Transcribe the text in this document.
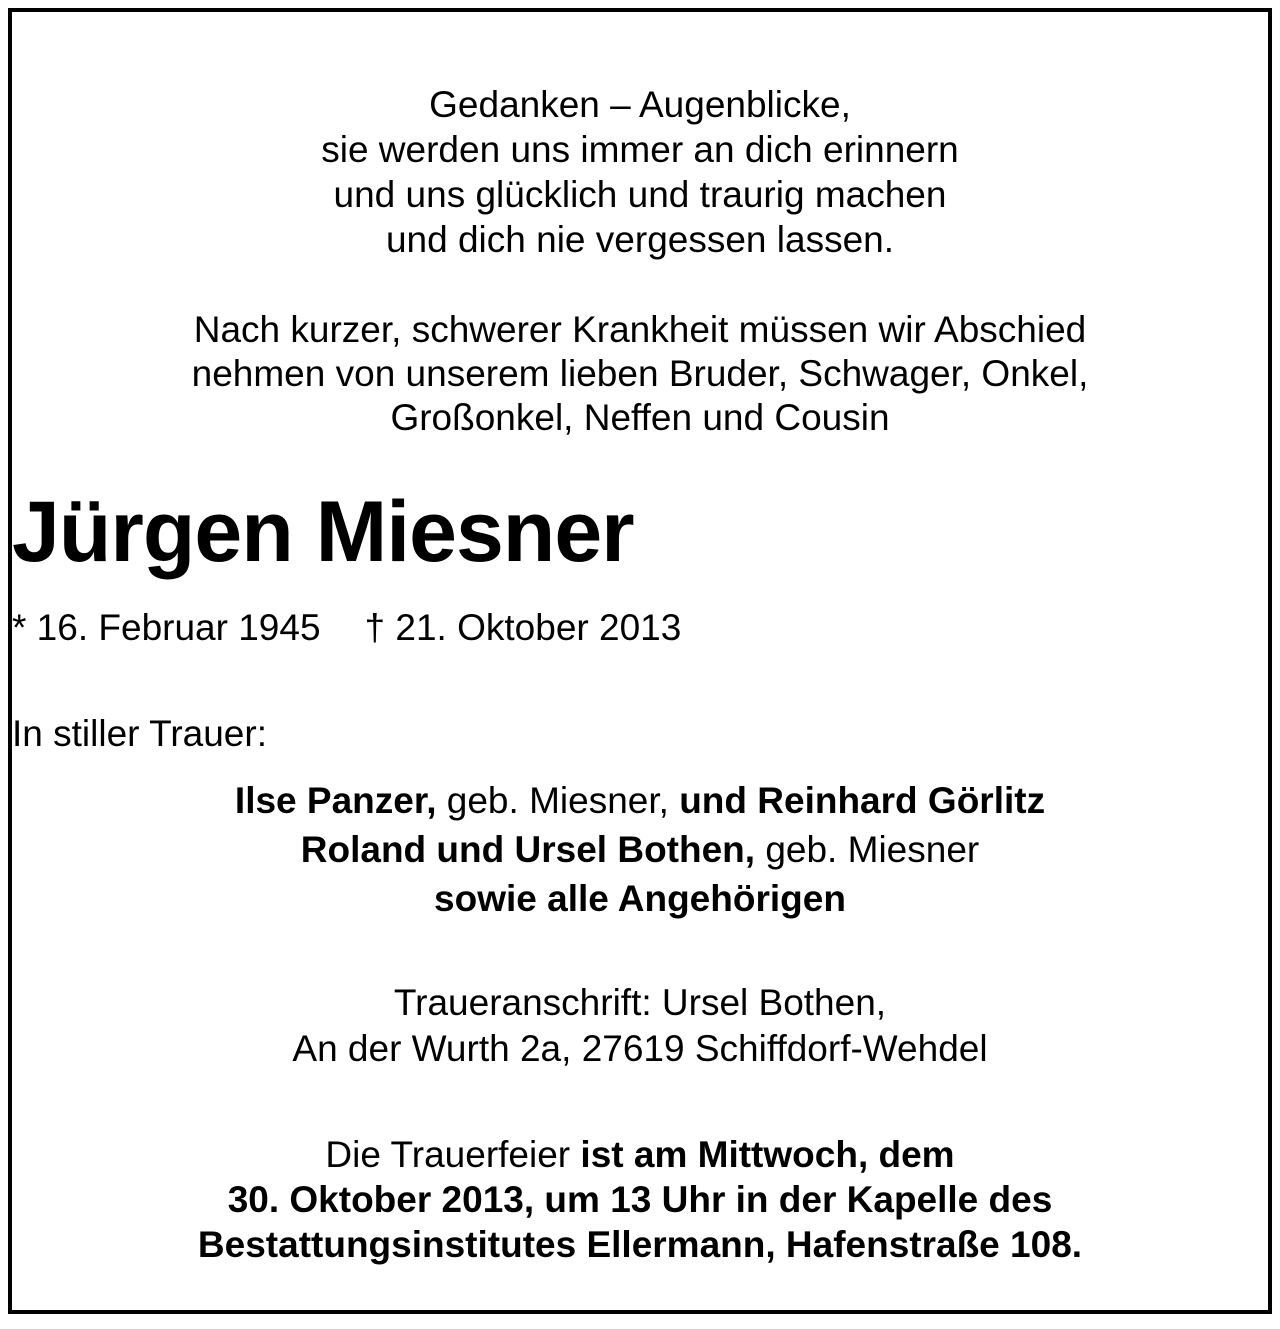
Gedanken – Augenblicke,
sie werden uns immer an dich erinnern
und uns glücklich und traurig machen
und dich nie vergessen lassen.
Nach kurzer, schwerer Krankheit müssen wir Abschied
nehmen von unserem lieben Bruder, Schwager, Onkel,
Großonkel, Neffen und Cousin
Jürgen Miesner
* 16. Februar 1945 † 21. Oktober 2013
In stiller Trauer:
Ilse Panzer, geb. Miesner, und Reinhard Görlitz
Roland und Ursel Bothen, geb. Miesner
sowie alle Angehörigen
Traueranschrift: Ursel Bothen,
An der Wurth 2a, 27619 Schiffdorf-Wehdel
Die Trauerfeier ist am Mittwoch, dem
30. Oktober 2013, um 13 Uhr in der Kapelle des
Bestattungsinstitutes Ellermann, Hafenstraße 108.
